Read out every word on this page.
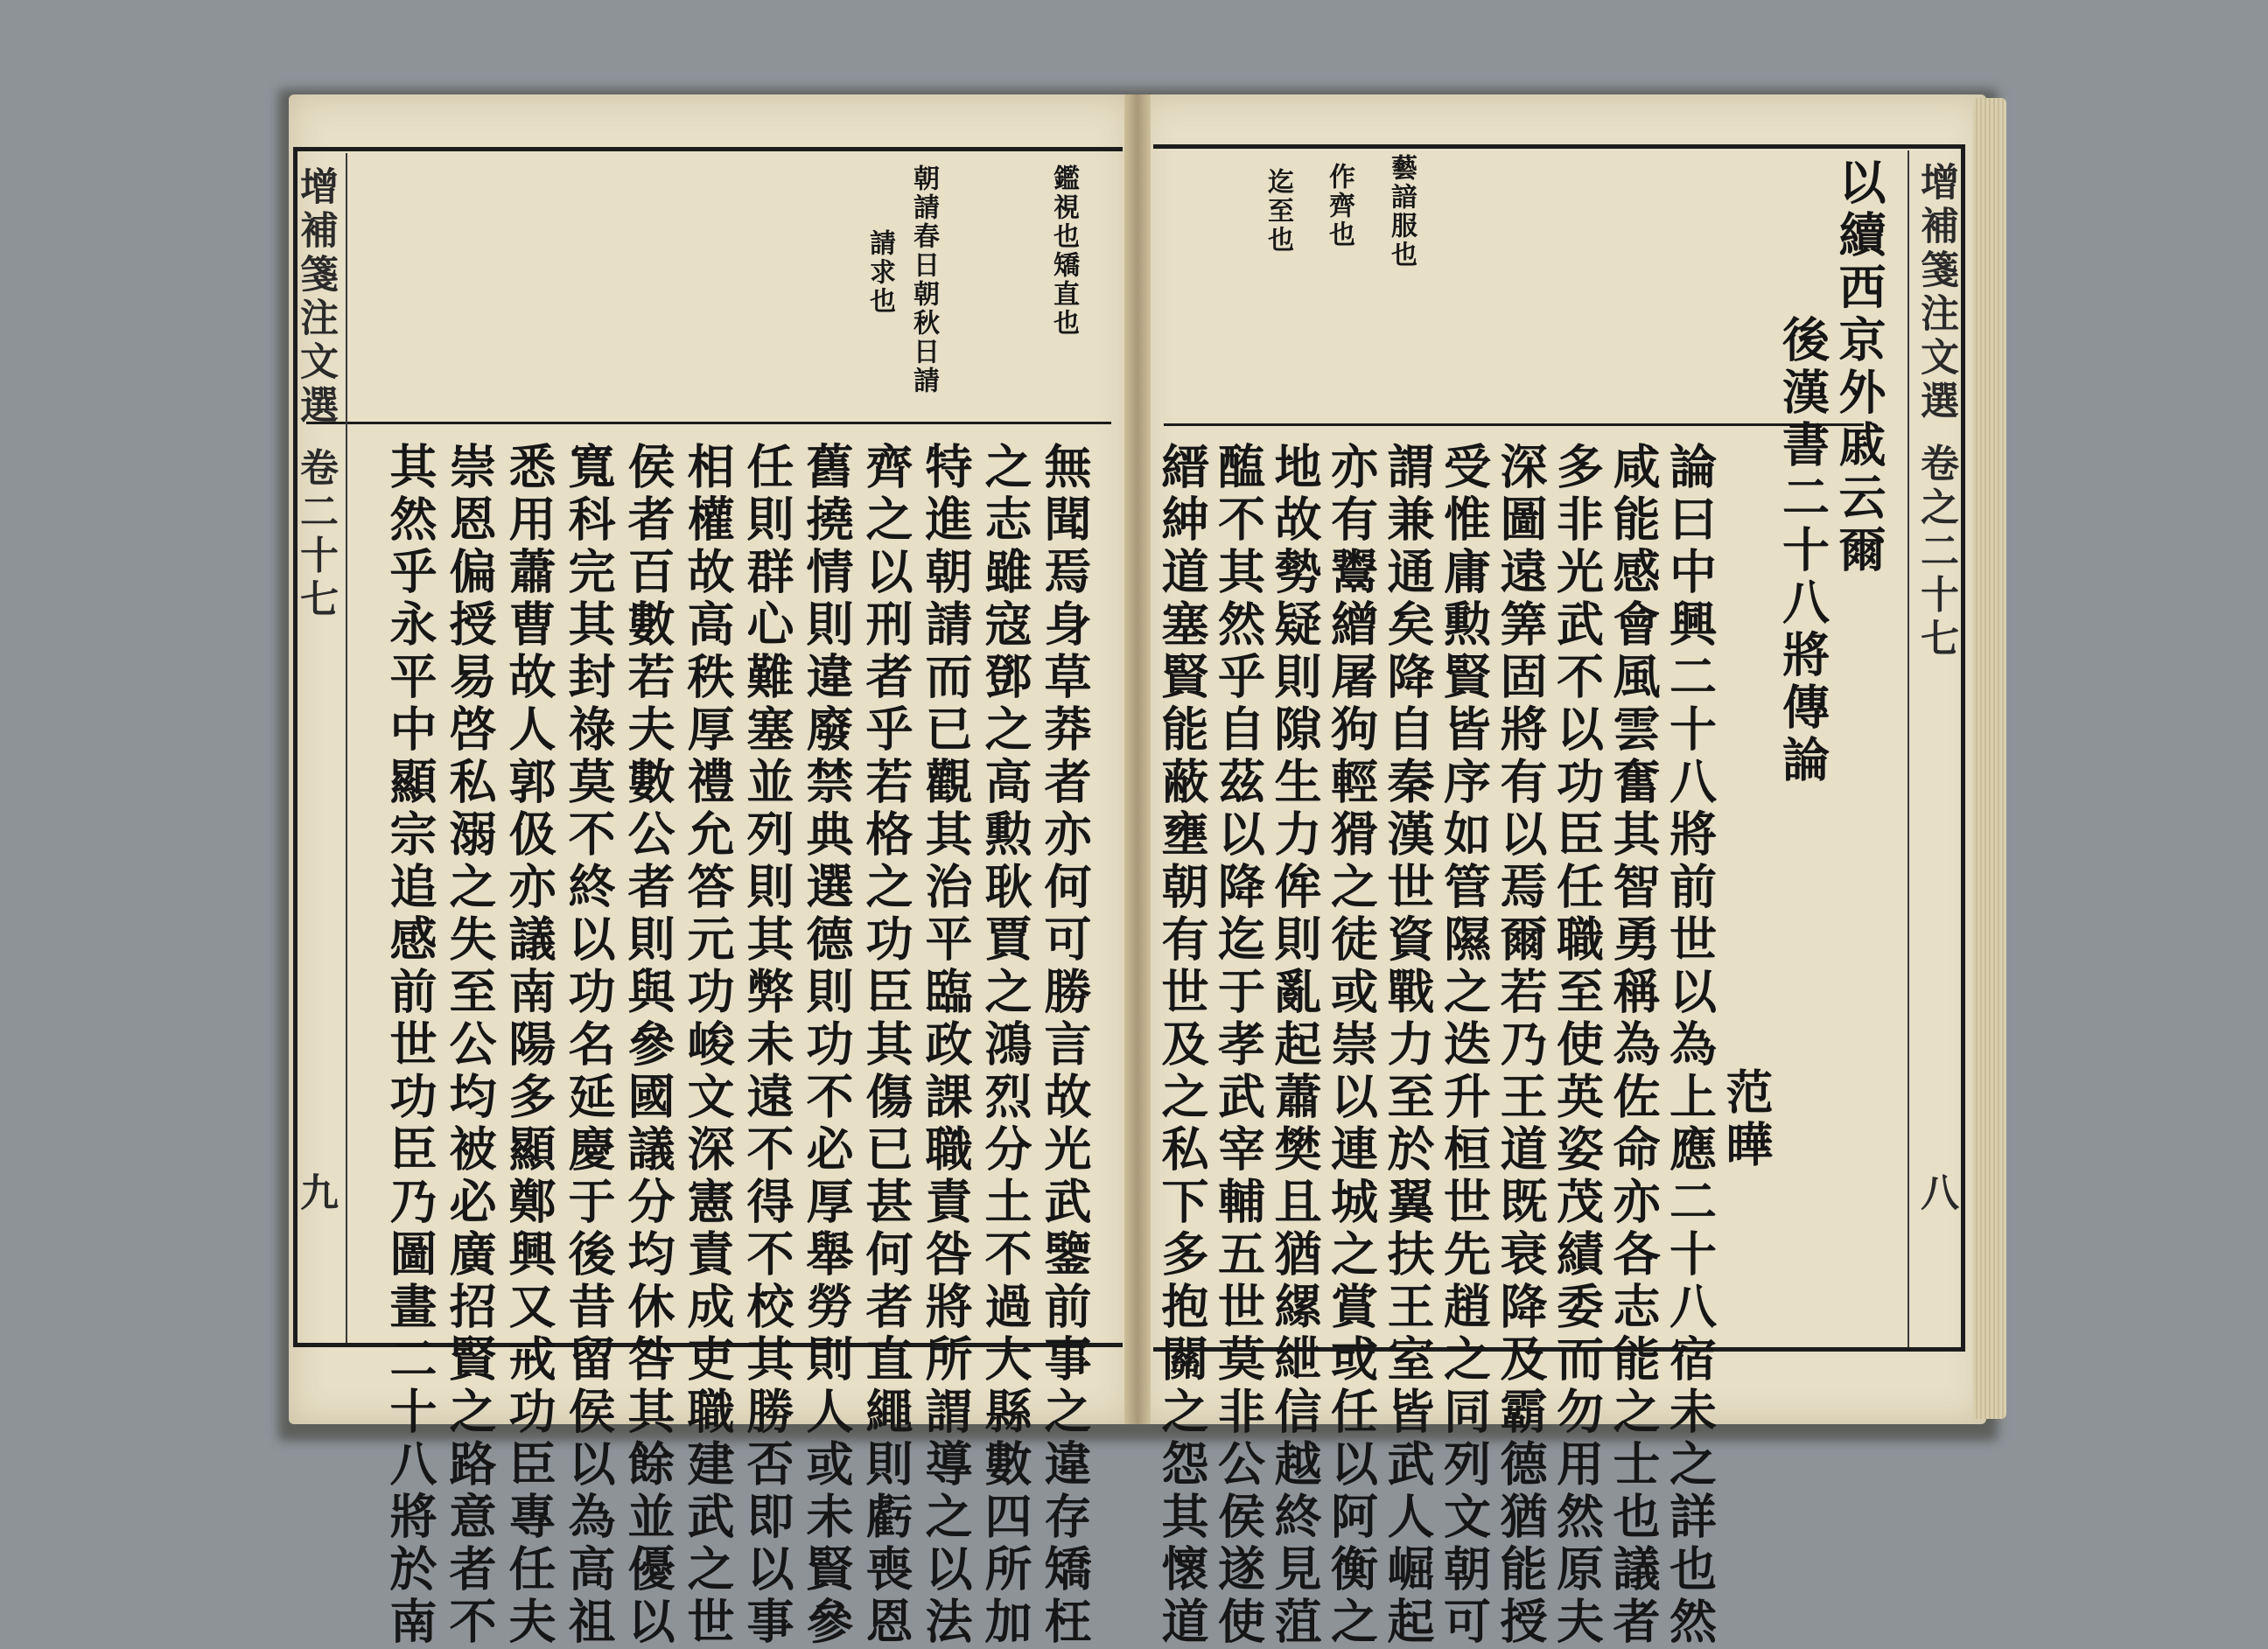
增補箋注文選 卷二十七
九
鑑視也矯直也
朝請春日朝秋日請
請求也
無聞焉身草莽者亦何可勝言故光武鑒前事之違存矯枉
之志雖寇鄧之高勲耿賈之鴻烈分土不過大縣數四所加
特進朝請而已觀其治平臨政課職責咎將所謂導之以法
齊之以刑者乎若格之功臣其傷已甚何者直繩則虧喪恩
舊撓情則違廢禁典選德則功不必厚舉勞則人或未賢參
任則群心難塞並列則其弊未遠不得不校其勝否即以事
相權故高秩厚禮允答元功峻文深憲責成吏職建武之世
侯者百數若夫數公者則與參國議分均休咎其餘並優以
寬科完其封祿莫不終以功名延慶于後昔留侯以為高祖
悉用蕭曹故人郭伋亦議南陽多顯鄭興又戒功臣專任夫
崇恩偏授易啓私溺之失至公均被必廣招賢之路意者不
其然乎永平中顯宗追感前世功臣乃圖畫二十八將於南
增補箋注文選 卷之二十七
八
藝諳服也
作齊也
迄至也	以續西京外戚云爾
後漢書二十八將傳論
范曄
論曰中興二十八將前世以為上應二十八宿未之詳也然
咸能感會風雲奮其智勇稱為佐命亦各志能之士也議者
多非光武不以功臣任職至使英姿茂績委而勿用然原夫
深圖遠筭固將有以焉爾若乃王道既衰降及霸德猶能授
受惟庸勲賢皆序如管隰之迭升桓世先趙之同列文朝可
謂兼通矣降自秦漢世資戰力至於翼扶王室皆武人崛起
亦有鬻繒屠狗輕猾之徒或崇以連城之賞或任以阿衡之
地故勢疑則隙生力侔則亂起蕭樊且猶縲紲信越終見菹
醢不其然乎自茲以降迄于孝武宰輔五世莫非公侯遂使
縉紳道塞賢能蔽壅朝有世及之私下多抱關之怨其懷道
